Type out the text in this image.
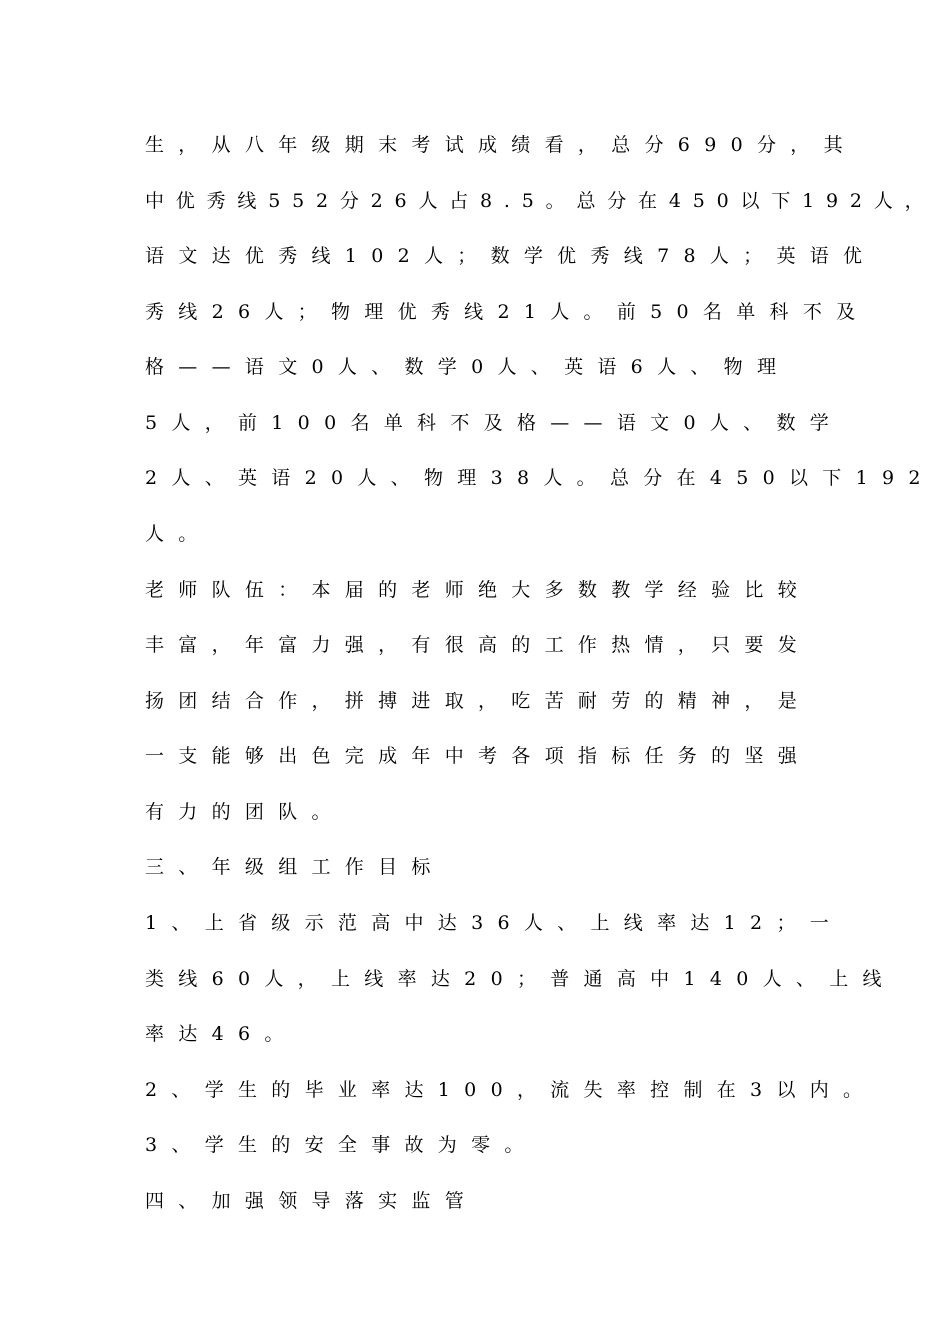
生，从八年级期末考试成绩看，总分690分，其
中优秀线552分26人占8.5。总分在450以下192人，
语文达优秀线102人；数学优秀线78人；英语优
秀线26人；物理优秀线21人。前50名单科不及
格——语文0人、数学0人、英语6人、物理
5人，前100名单科不及格——语文0人、数学
2人、英语20人、物理38人。总分在450以下192
人。
老师队伍：本届的老师绝大多数教学经验比较
丰富，年富力强，有很高的工作热情，只要发
扬团结合作，拼搏进取，吃苦耐劳的精神，是
一支能够出色完成年中考各项指标任务的坚强
有力的团队。
三、年级组工作目标
1、上省级示范高中达36人、上线率达12；一
类线60人，上线率达20；普通高中140人、上线
率达46。
2、学生的毕业率达100，流失率控制在3以内。
3、学生的安全事故为零。
四、加强领导落实监管
